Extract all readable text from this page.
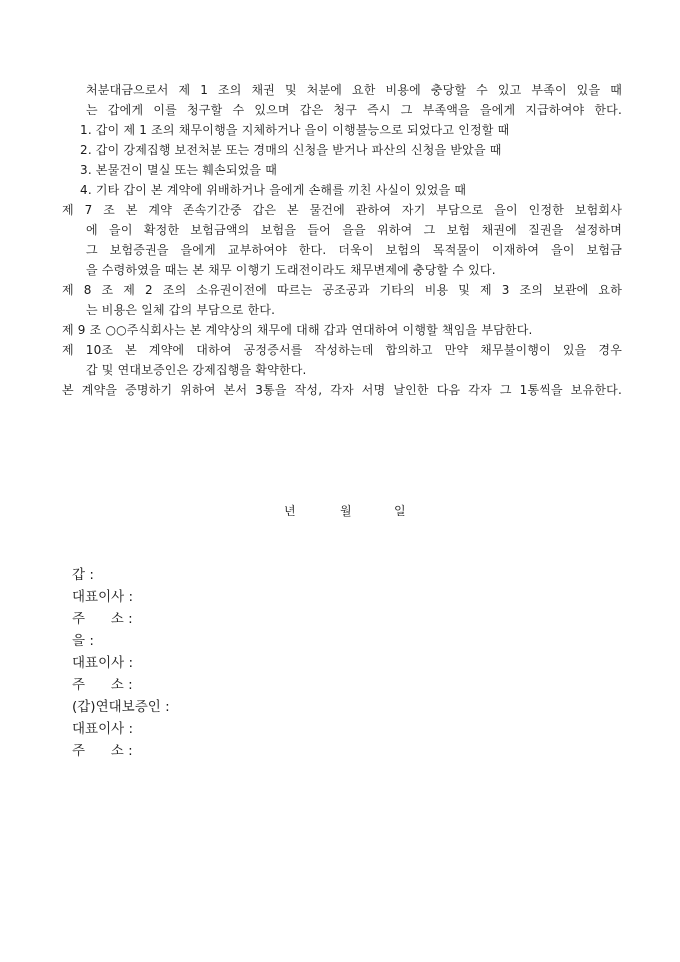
처분대금으로서 제 1 조의 채권 및 처분에 요한 비용에 충당할 수 있고 부족이 있을 때
는 갑에게 이를 청구할 수 있으며 갑은 청구 즉시 그 부족액을 을에게 지급하여야 한다.
1. 갑이 제 1 조의 채무이행을 지체하거나 을이 이행불능으로 되었다고 인정할 때
2. 갑이 강제집행 보전처분 또는 경매의 신청을 받거나 파산의 신청을 받았을 때
3. 본물건이 멸실 또는 훼손되었을 때
4. 기타 갑이 본 계약에 위배하거나 을에게 손해를 끼친 사실이 있었을 때
제 7 조 본 계약 존속기간중 갑은 본 물건에 관하여 자기 부담으로 을이 인정한 보험회사
에 을이 확정한 보험금액의 보험을 들어 을을 위하여 그 보험 채권에 질권을 설정하며
그 보험증권을 을에게 교부하여야 한다. 더욱이 보험의 목적물이 이재하여 을이 보험금
을 수령하였을 때는 본 채무 이행기 도래전이라도 채무변제에 충당할 수 있다.
제 8 조 제 2 조의 소유권이전에 따르는 공조공과 기타의 비용 및 제 3 조의 보관에 요하
는 비용은 일체 갑의 부담으로 한다.
제 9 조 ○○주식회사는 본 계약상의 채무에 대해 갑과 연대하여 이행할 책임을 부담한다.
제 10조 본 계약에 대하여 공정증서를 작성하는데 합의하고 만약 채무불이행이 있을 경우
갑 및 연대보증인은 강제집행을 확약한다.
본 계약을 증명하기 위하여 본서 3통을 작성, 각자 서명 날인한 다음 각자 그 1통씩을 보유한다.
년	월	일
갑 :
대표이사 :
주      소 :
을 :
대표이사 :
주      소 :
(갑)연대보증인 :
대표이사 :
주      소 :
